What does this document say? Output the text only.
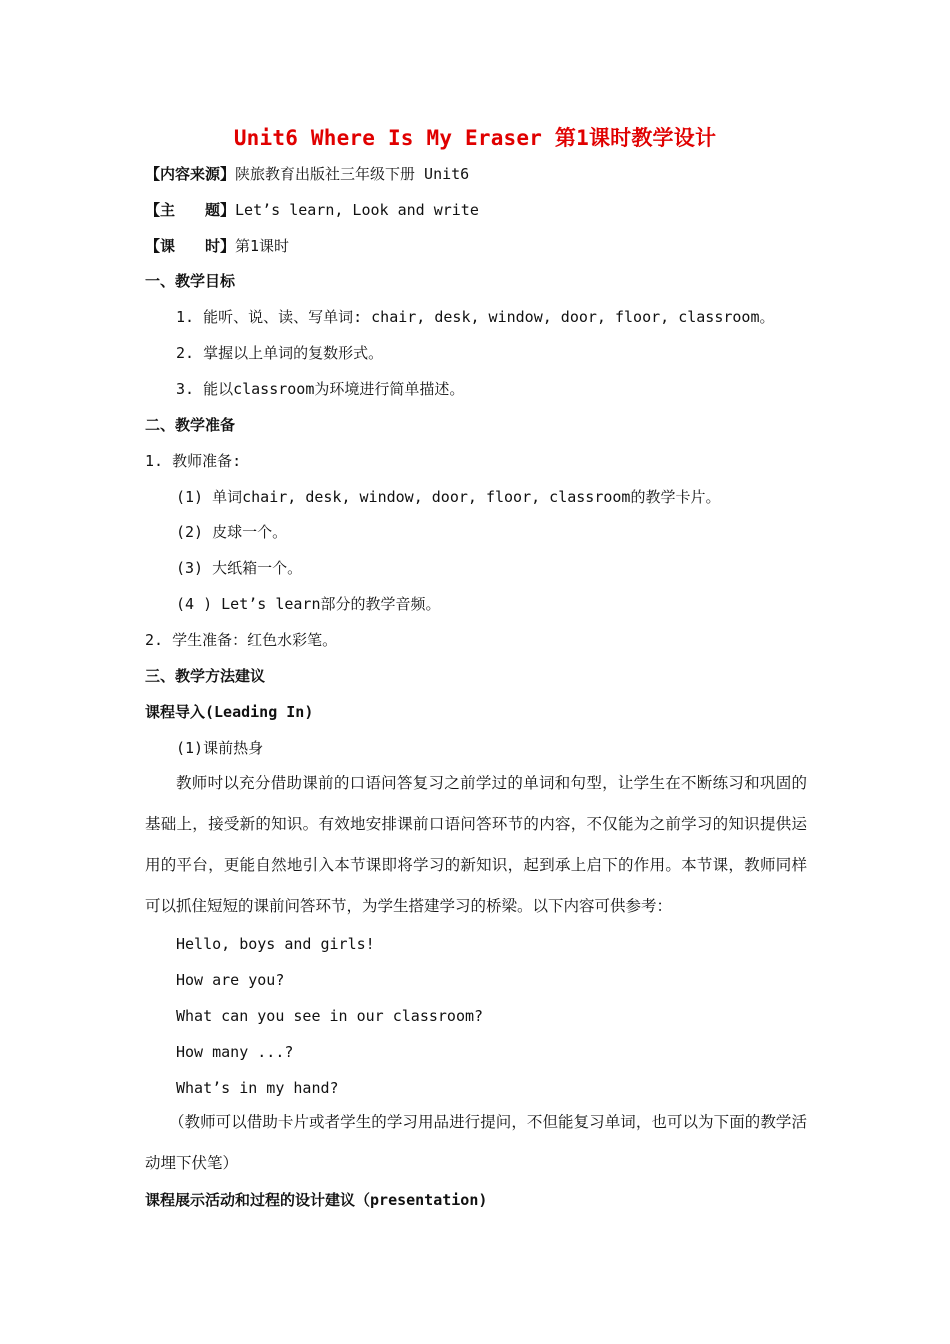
Unit6 Where Is My Eraser 第1课时教学设计
【内容来源】陕旅教育出版社三年级下册 Unit6
【主　　题】Let’s learn, Look and write
【课　　时】第1课时
一、教学目标
1. 能听、说、读、写单词: chair, desk, window, door, floor, classroom。
2. 掌握以上单词的复数形式。
3. 能以classroom为环境进行简单描述。
二、教学准备
1. 教师准备:
(1) 单词chair, desk, window, door, floor, classroom的教学卡片。
(2) 皮球一个。
(3) 大纸箱一个。
(4 ) Let’s learn部分的教学音频。
2. 学生准备：红色水彩笔。
三、教学方法建议
课程导入(Leading In)
(1)课前热身
教师吋以充分借助课前的口语问答复习之前学过的单词和句型，让学生在不断练习和巩固的基础上，接受新的知识。有效地安排课前口语问答环节的内容，不仅能为之前学习的知识提供运用的平台，更能自然地引入本节课即将学习的新知识，起到承上启下的作用。本节课，教师同样可以抓住短短的课前问答环节，为学生搭建学习的桥梁。以下内容可供参考：
Hello, boys and girls!
How are you?
What can you see in our classroom?
How many ...?
What’s in my hand?
（教师可以借助卡片或者学生的学习用品进行提问，不但能复习单词，也可以为下面的教学活动埋下伏笔）
课程展示活动和过程的设计建议（presentation)
